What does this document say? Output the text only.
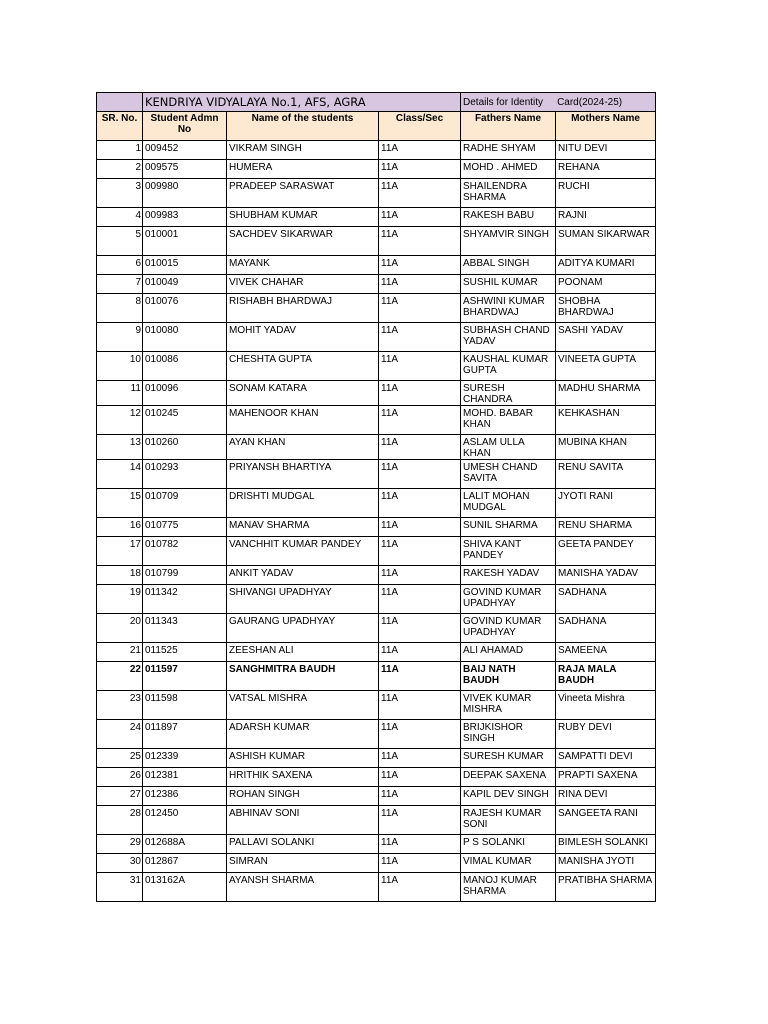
	KENDRIYA VIDYALAYA No.1, AFS, AGRA			Details for Identity Card(2024-25)	
SR. No.	Student Admn No	Name of the students	Class/Sec	Fathers Name	Mothers Name
1	009452	VIKRAM SINGH	11A	RADHE SHYAM	NITU DEVI
2	009575	HUMERA	11A	MOHD . AHMED	REHANA
3	009980	PRADEEP SARASWAT	11A	SHAILENDRA SHARMA	RUCHI
4	009983	SHUBHAM KUMAR	11A	RAKESH BABU	RAJNI
5	010001	SACHDEV SIKARWAR	11A	SHYAMVIR SINGH	SUMAN SIKARWAR
6	010015	MAYANK	11A	ABBAL SINGH	ADITYA KUMARI
7	010049	VIVEK CHAHAR	11A	SUSHIL KUMAR	POONAM
8	010076	RISHABH BHARDWAJ	11A	ASHWINI KUMAR BHARDWAJ	SHOBHA BHARDWAJ
9	010080	MOHIT YADAV	11A	SUBHASH CHAND YADAV	SASHI YADAV
10	010086	CHESHTA GUPTA	11A	KAUSHAL KUMAR GUPTA	VINEETA GUPTA
11	010096	SONAM KATARA	11A	SURESH CHANDRA	MADHU SHARMA
12	010245	MAHENOOR KHAN	11A	MOHD. BABAR KHAN	KEHKASHAN
13	010260	AYAN KHAN	11A	ASLAM ULLA KHAN	MUBINA KHAN
14	010293	PRIYANSH BHARTIYA	11A	UMESH CHAND SAVITA	RENU SAVITA
15	010709	DRISHTI MUDGAL	11A	LALIT MOHAN MUDGAL	JYOTI RANI
16	010775	MANAV SHARMA	11A	SUNIL SHARMA	RENU SHARMA
17	010782	VANCHHIT KUMAR PANDEY	11A	SHIVA KANT PANDEY	GEETA PANDEY
18	010799	ANKIT YADAV	11A	RAKESH YADAV	MANISHA YADAV
19	011342	SHIVANGI UPADHYAY	11A	GOVIND KUMAR UPADHYAY	SADHANA
20	011343	GAURANG UPADHYAY	11A	GOVIND KUMAR UPADHYAY	SADHANA
21	011525	ZEESHAN ALI	11A	ALI AHAMAD	SAMEENA
22	011597	SANGHMITRA BAUDH	11A	BAIJ NATH BAUDH	RAJA MALA BAUDH
23	011598	VATSAL MISHRA	11A	VIVEK KUMAR MISHRA	Vineeta Mishra
24	011897	ADARSH KUMAR	11A	BRIJKISHOR SINGH	RUBY DEVI
25	012339	ASHISH KUMAR	11A	SURESH KUMAR	SAMPATTI DEVI
26	012381	HRITHIK SAXENA	11A	DEEPAK SAXENA	PRAPTI SAXENA
27	012386	ROHAN SINGH	11A	KAPIL DEV SINGH	RINA DEVI
28	012450	ABHINAV SONI	11A	RAJESH KUMAR SONI	SANGEETA RANI
29	012688A	PALLAVI SOLANKI	11A	P S SOLANKI	BIMLESH SOLANKI
30	012867	SIMRAN	11A	VIMAL KUMAR	MANISHA JYOTI
31	013162A	AYANSH SHARMA	11A	MANOJ KUMAR SHARMA	PRATIBHA SHARMA
